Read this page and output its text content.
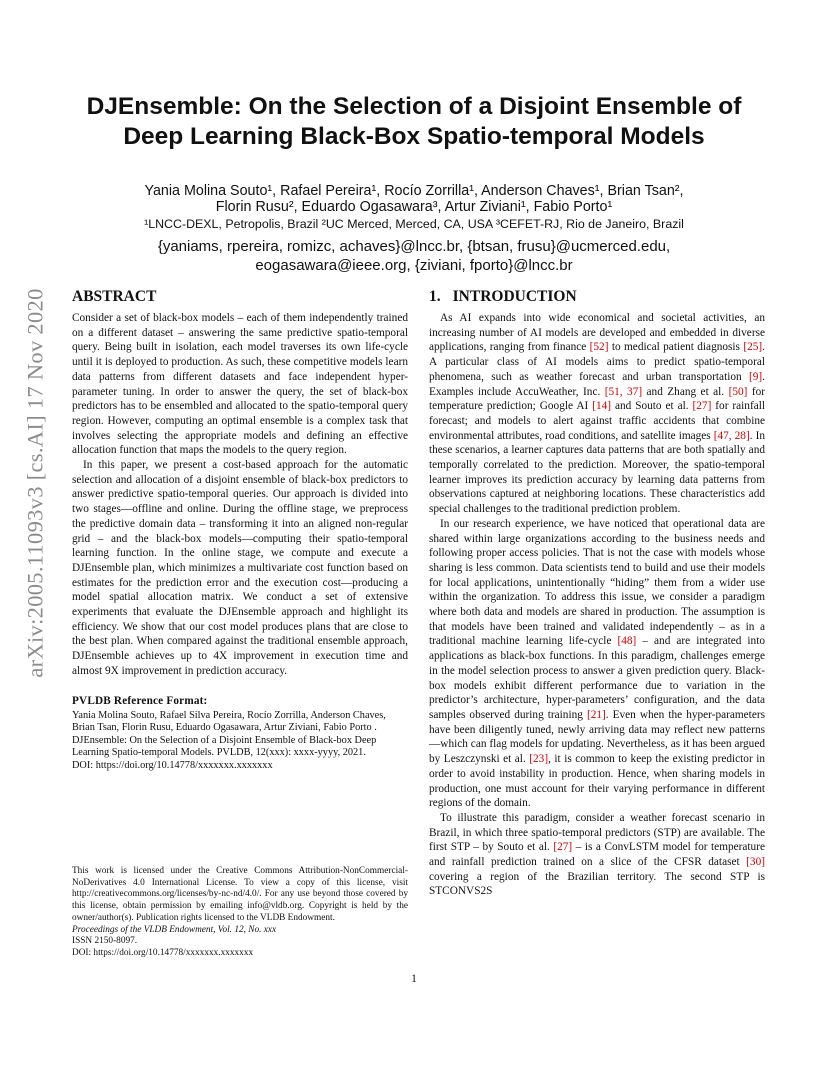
arXiv:2005.11093v3 [cs.AI] 17 Nov 2020
DJEnsemble: On the Selection of a Disjoint Ensemble of
Deep Learning Black-Box Spatio-temporal Models
Yania Molina Souto¹, Rafael Pereira¹, Rocío Zorrilla¹, Anderson Chaves¹, Brian Tsan²,
Florin Rusu², Eduardo Ogasawara³, Artur Ziviani¹, Fabio Porto¹
¹LNCC-DEXL, Petropolis, Brazil ²UC Merced, Merced, CA, USA ³CEFET-RJ, Rio de Janeiro, Brazil
{yaniams, rpereira, romizc, achaves}@lncc.br, {btsan, frusu}@ucmerced.edu,
eogasawara@ieee.org, {ziviani, fporto}@lncc.br
ABSTRACT

Consider a set of black-box models – each of them independently trained on a different dataset – answering the same predictive spatio-temporal query. Being built in isolation, each model traverses its own life-cycle until it is deployed to production. As such, these competitive models learn data patterns from different datasets and face independent hyper-parameter tuning. In order to answer the query, the set of black-box predictors has to be ensembled and allocated to the spatio-temporal query region. However, computing an optimal ensemble is a complex task that involves selecting the appropriate models and defining an effective allocation function that maps the models to the query region.

In this paper, we present a cost-based approach for the automatic selection and allocation of a disjoint ensemble of black-box predictors to answer predictive spatio-temporal queries. Our approach is divided into two stages—offline and online. During the offline stage, we preprocess the predictive domain data – transforming it into an aligned non-regular grid – and the black-box models—computing their spatio-temporal learning function. In the online stage, we compute and execute a DJEnsemble plan, which minimizes a multivariate cost function based on estimates for the prediction error and the execution cost—producing a model spatial allocation matrix. We conduct a set of extensive experiments that evaluate the DJEnsemble approach and highlight its efficiency. We show that our cost model produces plans that are close to the best plan. When compared against the traditional ensemble approach, DJEnsemble achieves up to 4X improvement in execution time and almost 9X improvement in prediction accuracy.

PVLDB Reference Format:

Yania Molina Souto, Rafael Silva Pereira, Rocío Zorrilla, Anderson Chaves, Brian Tsan, Florin Rusu, Eduardo Ogasawara, Artur Ziviani, Fabio Porto . DJEnsemble: On the Selection of a Disjoint Ensemble of Black-box Deep Learning Spatio-temporal Models. PVLDB, 12(xxx): xxxx-yyyy, 2021.

DOI: https://doi.org/10.14778/xxxxxxx.xxxxxxx

This work is licensed under the Creative Commons Attribution-NonCommercial-NoDerivatives 4.0 International License. To view a copy of this license, visit http://creativecommons.org/licenses/by-nc-nd/4.0/. For any use beyond those covered by this license, obtain permission by emailing info@vldb.org. Copyright is held by the owner/author(s). Publication rights licensed to the VLDB Endowment.

Proceedings of the VLDB Endowment, Vol. 12, No. xxx

ISSN 2150-8097.

DOI: https://doi.org/10.14778/xxxxxxx.xxxxxxx

1. INTRODUCTION

As AI expands into wide economical and societal activities, an increasing number of AI models are developed and embedded in diverse applications, ranging from finance [52] to medical patient diagnosis [25]. A particular class of AI models aims to predict spatio-temporal phenomena, such as weather forecast and urban transportation [9]. Examples include AccuWeather, Inc. [51, 37] and Zhang et al. [50] for temperature prediction; Google AI [14] and Souto et al. [27] for rainfall forecast; and models to alert against traffic accidents that combine environmental attributes, road conditions, and satellite images [47, 28]. In these scenarios, a learner captures data patterns that are both spatially and temporally correlated to the prediction. Moreover, the spatio-temporal learner improves its prediction accuracy by learning data patterns from observations captured at neighboring locations. These characteristics add special challenges to the traditional prediction problem.

In our research experience, we have noticed that operational data are shared within large organizations according to the business needs and following proper access policies. That is not the case with models whose sharing is less common. Data scientists tend to build and use their models for local applications, unintentionally “hiding” them from a wider use within the organization. To address this issue, we consider a paradigm where both data and models are shared in production. The assumption is that models have been trained and validated independently – as in a traditional machine learning life-cycle [48] – and are integrated into applications as black-box functions. In this paradigm, challenges emerge in the model selection process to answer a given prediction query. Black-box models exhibit different performance due to variation in the predictor’s architecture, hyper-parameters’ configuration, and the data samples observed during training [21]. Even when the hyper-parameters have been diligently tuned, newly arriving data may reflect new patterns—which can flag models for updating. Nevertheless, as it has been argued by Leszczynski et al. [23], it is common to keep the existing predictor in order to avoid instability in production. Hence, when sharing models in production, one must account for their varying performance in different regions of the domain.

To illustrate this paradigm, consider a weather forecast scenario in Brazil, in which three spatio-temporal predictors (STP) are available. The first STP – by Souto et al. [27] – is a ConvLSTM model for temperature and rainfall prediction trained on a slice of the CFSR dataset [30] covering a region of the Brazilian territory. The second STP is STCONVS2S

1
